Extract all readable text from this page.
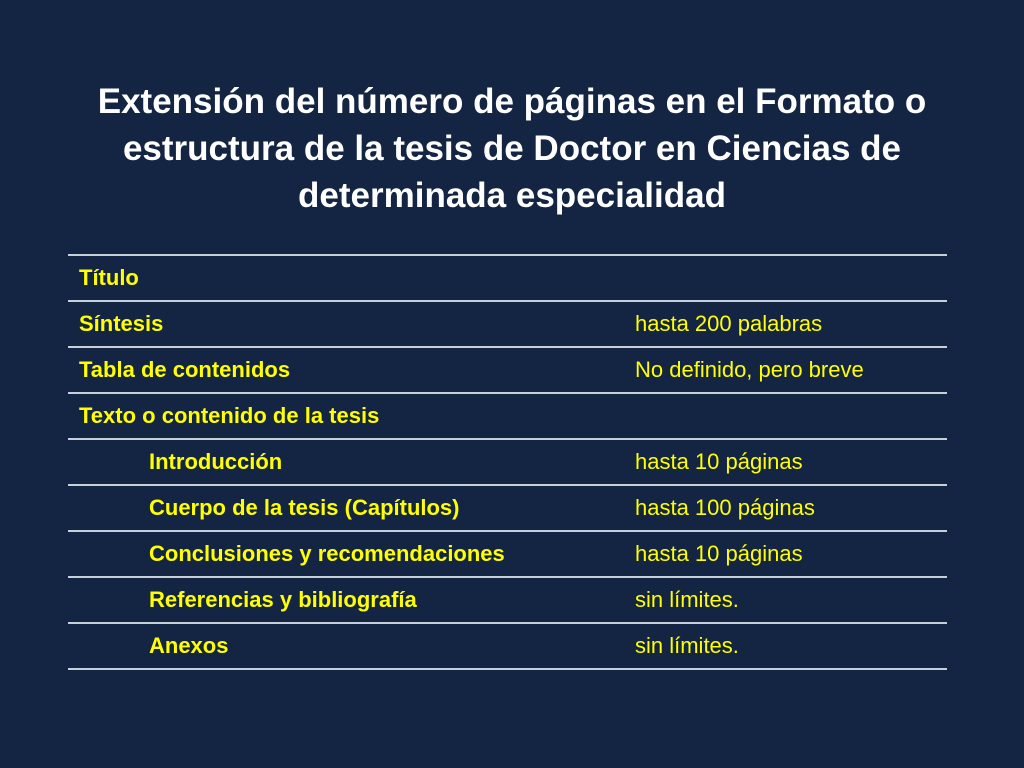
Extensión del número de páginas en el Formato o
estructura de la tesis de Doctor en Ciencias de
determinada especialidad
Título
Síntesis	hasta 200 palabras
Tabla de contenidos	No definido, pero breve
Texto o contenido de la tesis
Introducción	hasta 10 páginas
Cuerpo de la tesis (Capítulos)	hasta 100 páginas
Conclusiones y recomendaciones	hasta 10 páginas
Referencias y bibliografía	sin límites.
Anexos	sin límites.
